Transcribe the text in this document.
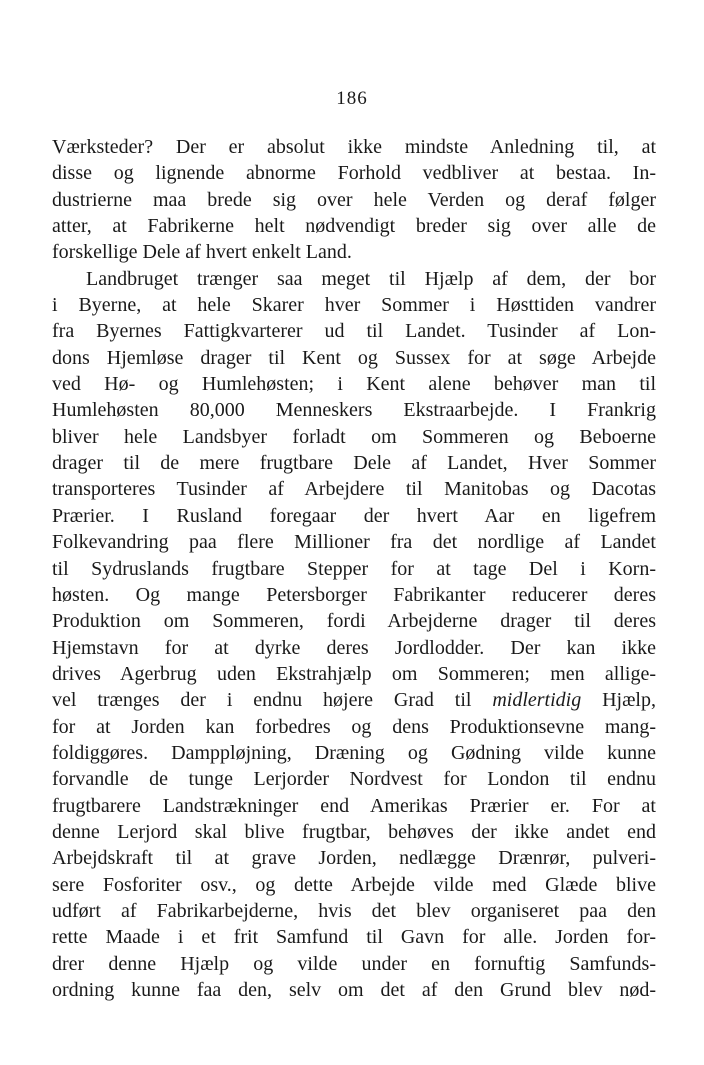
186
Værksteder? Der er absolut ikke mindste Anledning til, at
disse og lignende abnorme Forhold vedbliver at bestaa. In-
dustrierne maa brede sig over hele Verden og deraf følger
atter, at Fabrikerne helt nødvendigt breder sig over alle de
forskellige Dele af hvert enkelt Land.
Landbruget trænger saa meget til Hjælp af dem, der bor
i Byerne, at hele Skarer hver Sommer i Høsttiden vandrer
fra Byernes Fattigkvarterer ud til Landet. Tusinder af Lon-
dons Hjemløse drager til Kent og Sussex for at søge Arbejde
ved Hø- og Humlehøsten; i Kent alene behøver man til
Humlehøsten 80,000 Menneskers Ekstraarbejde. I Frankrig
bliver hele Landsbyer forladt om Sommeren og Beboerne
drager til de mere frugtbare Dele af Landet, Hver Sommer
transporteres Tusinder af Arbejdere til Manitobas og Dacotas
Prærier. I Rusland foregaar der hvert Aar en ligefrem
Folkevandring paa flere Millioner fra det nordlige af Landet
til Sydruslands frugtbare Stepper for at tage Del i Korn-
høsten. Og mange Petersborger Fabrikanter reducerer deres
Produktion om Sommeren, fordi Arbejderne drager til deres
Hjemstavn for at dyrke deres Jordlodder. Der kan ikke
drives Agerbrug uden Ekstrahjælp om Sommeren; men allige-
vel trænges der i endnu højere Grad til midlertidig Hjælp,
for at Jorden kan forbedres og dens Produktionsevne mang-
foldiggøres. Damppløjning, Dræning og Gødning vilde kunne
forvandle de tunge Lerjorder Nordvest for London til endnu
frugtbarere Landstrækninger end Amerikas Prærier er. For at
denne Lerjord skal blive frugtbar, behøves der ikke andet end
Arbejdskraft til at grave Jorden, nedlægge Drænrør, pulveri-
sere Fosforiter osv., og dette Arbejde vilde med Glæde blive
udført af Fabrikarbejderne, hvis det blev organiseret paa den
rette Maade i et frit Samfund til Gavn for alle. Jorden for-
drer denne Hjælp og vilde under en fornuftig Samfunds-
ordning kunne faa den, selv om det af den Grund blev nød-
